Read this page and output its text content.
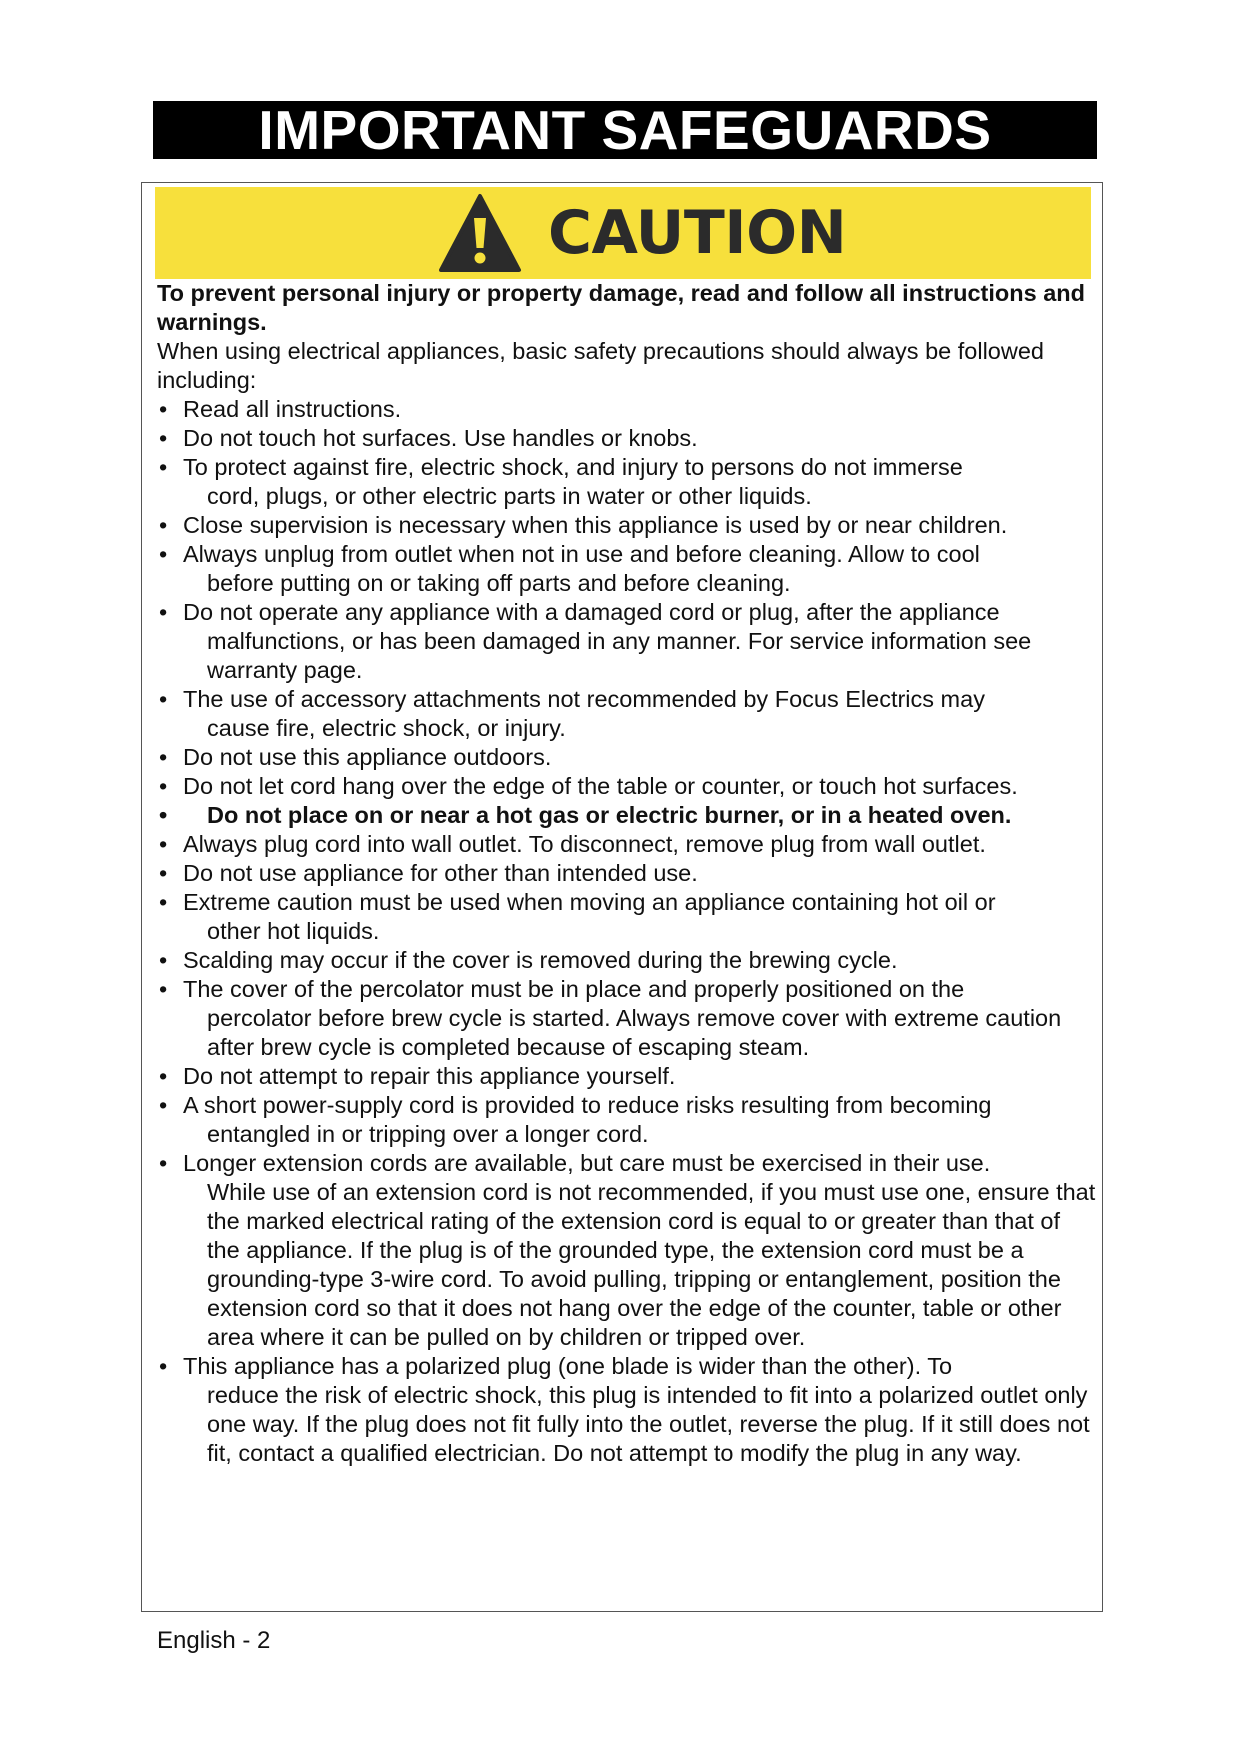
IMPORTANT SAFEGUARDS
CAUTION

To prevent personal injury or property damage, read and follow all instructions and warnings.

When using electrical appliances, basic safety precautions should always be followed including:

• Read all instructions.
• Do not touch hot surfaces. Use handles or knobs.
• To protect against fire, electric shock, and injury to persons do not immerse
cord, plugs, or other electric parts in water or other liquids.
• Close supervision is necessary when this appliance is used by or near children.
• Always unplug from outlet when not in use and before cleaning. Allow to cool
before putting on or taking off parts and before cleaning.
• Do not operate any appliance with a damaged cord or plug, after the appliance
malfunctions, or has been damaged in any manner. For service information see warranty page.
• The use of accessory attachments not recommended by Focus Electrics may
cause fire, electric shock, or injury.
• Do not use this appliance outdoors.
• Do not let cord hang over the edge of the table or counter, or touch hot surfaces.
• Do not place on or near a hot gas or electric burner, or in a heated oven.
• Always plug cord into wall outlet. To disconnect, remove plug from wall outlet.
• Do not use appliance for other than intended use.
• Extreme caution must be used when moving an appliance containing hot oil or
other hot liquids.
• Scalding may occur if the cover is removed during the brewing cycle.
• The cover of the percolator must be in place and properly positioned on the
percolator before brew cycle is started. Always remove cover with extreme caution after brew cycle is completed because of escaping steam.
• Do not attempt to repair this appliance yourself.
• A short power-supply cord is provided to reduce risks resulting from becoming
entangled in or tripping over a longer cord.
• Longer extension cords are available, but care must be exercised in their use.
While use of an extension cord is not recommended, if you must use one, ensure that the marked electrical rating of the extension cord is equal to or greater than that of the appliance. If the plug is of the grounded type, the extension cord must be a grounding-type 3-wire cord. To avoid pulling, tripping or entanglement, position the extension cord so that it does not hang over the edge of the counter, table or other area where it can be pulled on by children or tripped over.
• This appliance has a polarized plug (one blade is wider than the other). To
reduce the risk of electric shock, this plug is intended to fit into a polarized outlet only one way. If the plug does not fit fully into the outlet, reverse the plug. If it still does not fit, contact a qualified electrician. Do not attempt to modify the plug in any way.
English - 2
